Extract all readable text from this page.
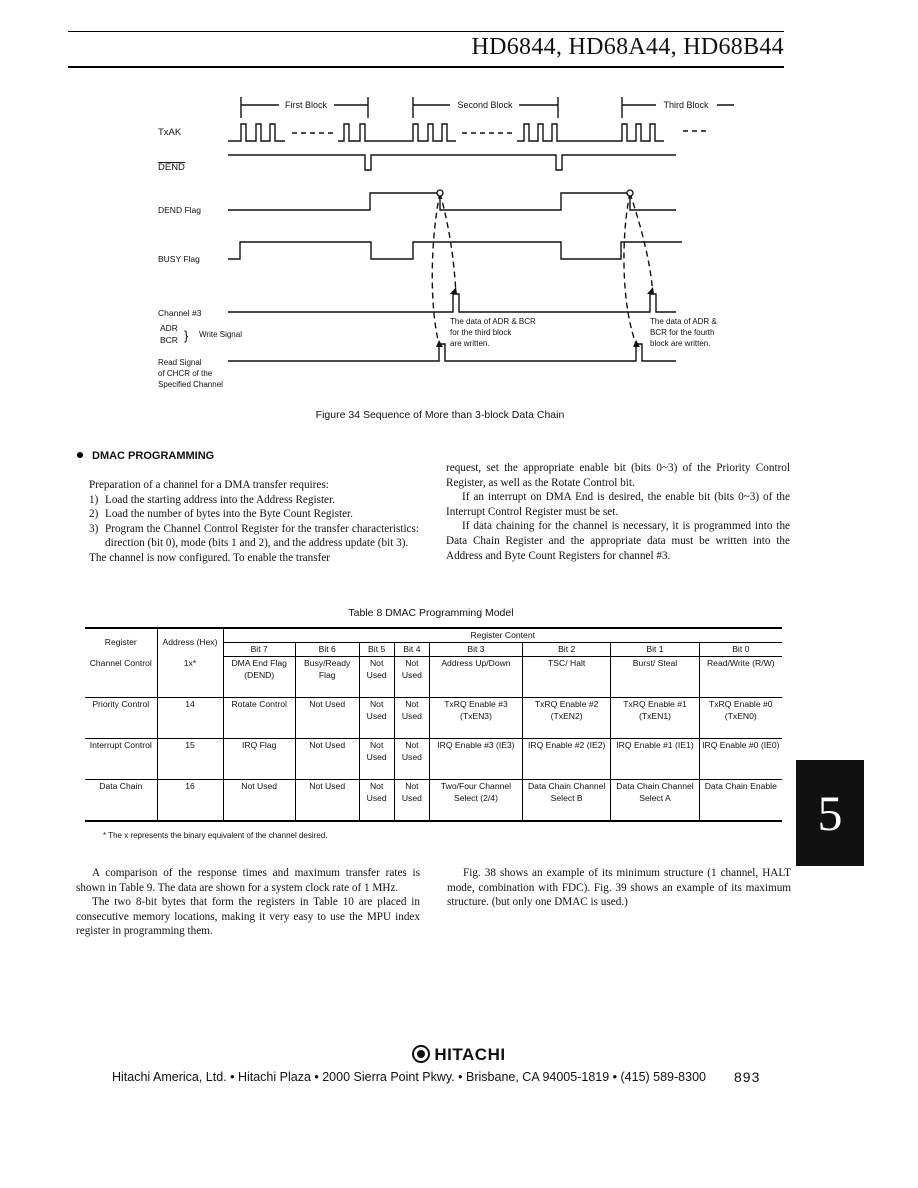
HD6844, HD68A44, HD68B44
First Block	Second Block	Third Block
TxAK
DEND
DEND Flag
BUSY Flag
Channel #3
ADR
BCR } Write Signal
Read Signal
of CHCR of the
Specified Channel
The data of ADR & BCR
for the third block
are written.
The data of ADR &
BCR for the fourth
block are written.
Figure 34 Sequence of More than 3-block Data Chain
DMAC PROGRAMMING

Preparation of a channel for a DMA transfer requires:

1) Load the starting address into the Address Register.
2) Load the number of bytes into the Byte Count Register.
3) Program the Channel Control Register for the transfer characteristics: direction (bit 0), mode (bits 1 and 2), and the address update (bit 3).

The channel is now configured. To enable the transfer

request, set the appropriate enable bit (bits 0~3) of the Priority Control Register, as well as the Rotate Control bit.

If an interrupt on DMA End is desired, the enable bit (bits 0~3) of the Interrupt Control Register must be set.

If data chaining for the channel is necessary, it is programmed into the Data Chain Register and the appropriate data must be written into the Address and Byte Count Registers for channel #3.

Table 8 DMAC Programming Model
Register	Address (Hex)	Register Content							
		Bit 7	Bit 6	Bit 5	Bit 4	Bit 3	Bit 2	Bit 1	Bit 0
Channel Control	1x*	DMA End Flag (DEND)	Busy/Ready Flag	Not Used	Not Used	Address Up/Down	TSC/ Halt	Burst/ Steal	Read/Write (R/W)
Priority Control	14	Rotate Control	Not Used	Not Used	Not Used	TxRQ Enable #3 (TxEN3)	TxRQ Enable #2 (TxEN2)	TxRQ Enable #1 (TxEN1)	TxRQ Enable #0 (TxEN0)
Interrupt Control	15	IRQ Flag	Not Used	Not Used	Not Used	IRQ Enable #3 (IE3)	IRQ Enable #2 (IE2)	IRQ Enable #1 (IE1)	IRQ Enable #0 (IE0)
Data Chain	16	Not Used	Not Used	Not Used	Not Used	Two/Four Channel Select (2/4)	Data Chain Channel Select B	Data Chain Channel Select A	Data Chain Enable
* The x represents the binary equivalent of the channel desired.

A comparison of the response times and maximum transfer rates is shown in Table 9. The data are shown for a system clock rate of 1 MHz.

The two 8-bit bytes that form the registers in Table 10 are placed in consecutive memory locations, making it very easy to use the MPU index register in programming them.

Fig. 38 shows an example of its minimum structure (1 channel, HALT mode, combination with FDC). Fig. 39 shows an example of its maximum structure. (but only one DMAC is used.)

5
HITACHI
Hitachi America, Ltd. • Hitachi Plaza • 2000 Sierra Point Pkwy. • Brisbane, CA 94005-1819 • (415) 589-8300 893
